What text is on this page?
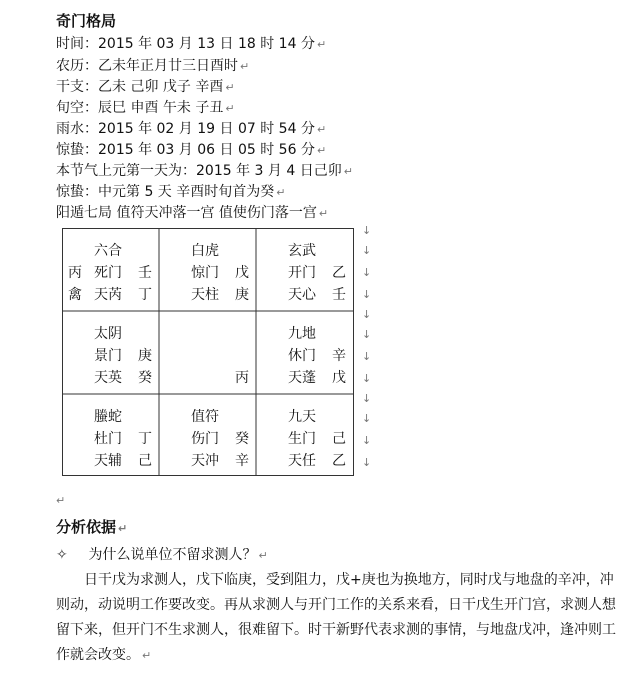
奇门格局
时间：2015 年 03 月 13 日 18 时 14 分 ↵
农历：乙未年正月廿三日酉时 ↵
干支：乙未 己卯 戊子 辛酉 ↵
旬空：辰巳 申酉 午未 子丑 ↵
雨水：2015 年 02 月 19 日 07 时 54 分 ↵
惊蛰：2015 年 03 月 06 日 05 时 56 分 ↵
本节气上元第一天为：2015 年 3 月 4 日己卯 ↵
惊蛰：中元第 5 天 辛酉时旬首为癸 ↵
阳遁七局 值符天冲落一宫 值使伤门落一宫 ↵
六合
丙 死门 壬
禽 天芮 丁
白虎
惊门 戊
天柱 庚
玄武
开门 乙
天心 壬
太阴
景门 庚
天英 癸	丙
九地
休门 辛
天蓬 戊
螣蛇
杜门 丁
天辅 己
值符
伤门 癸
天冲 辛
九天
生门 己
天任 乙
↓
↓
↓
↓
↓
↓
↓
↓
↓
↓
↓
↓
↵
分析依据 ↵
✧ 为什么说单位不留求测人？ ↵
日干戊为求测人，戊下临庚，受到阻力，戊+庚也为换地方，同时戊与地盘的辛冲，冲则动，动说明工作要改变。再从求测人与开门工作的关系来看，日干戊生开门宫，求测人想留下来，但开门不生求测人，很难留下。时干新野代表求测的事情，与地盘戊冲，逢冲则工作就会改变。 ↵
